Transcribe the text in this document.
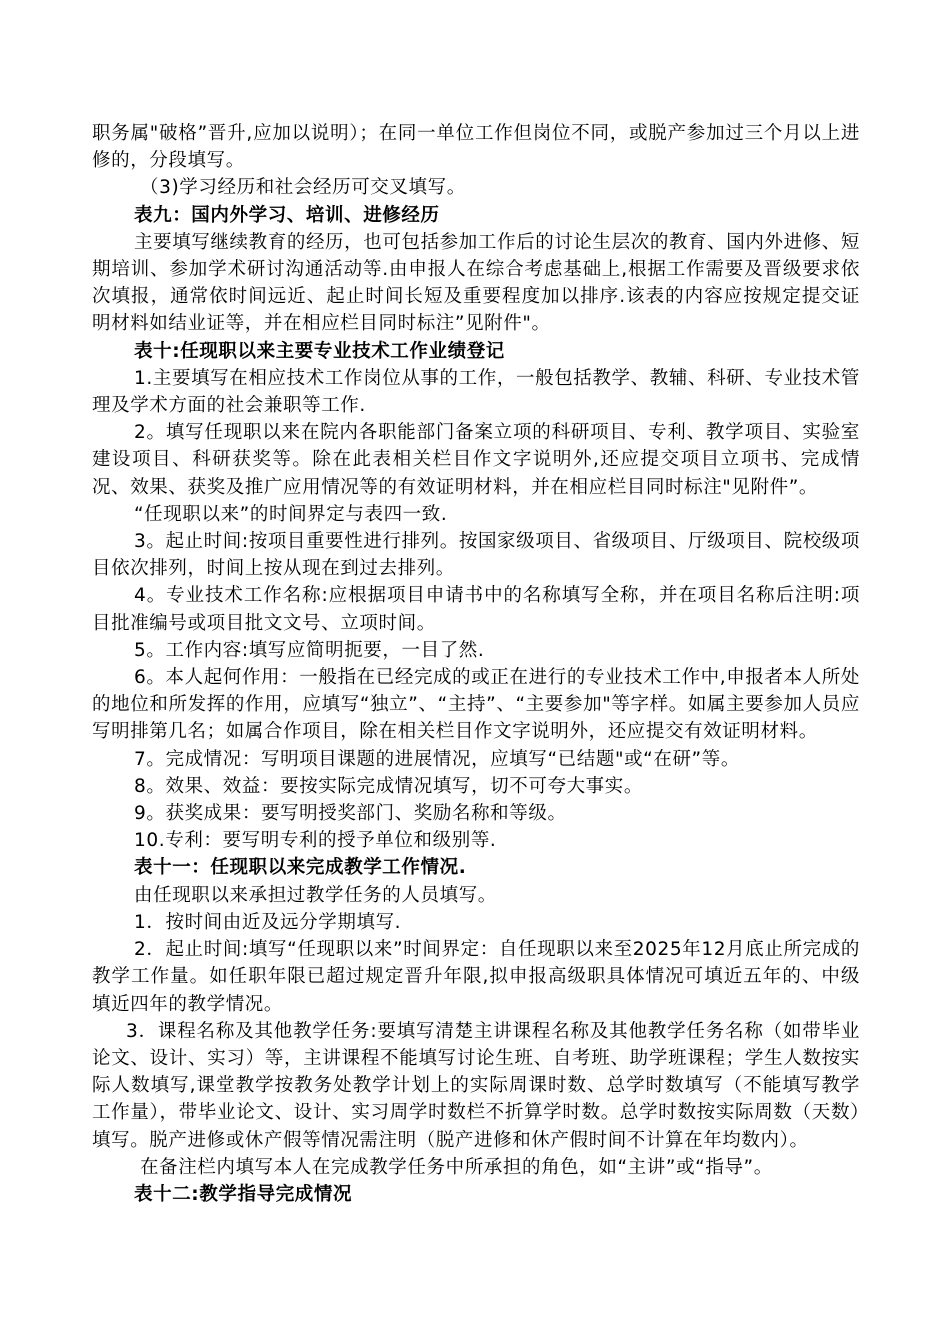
职务属"破格”晋升,应加以说明）；在同一单位工作但岗位不同，或脱产参加过三个月以上进修的，分段填写。

（3)学习经历和社会经历可交叉填写。

表九：国内外学习、培训、进修经历

主要填写继续教育的经历，也可包括参加工作后的讨论生层次的教育、国内外进修、短期培训、参加学术研讨沟通活动等.由申报人在综合考虑基础上,根据工作需要及晋级要求依次填报，通常依时间远近、起止时间长短及重要程度加以排序.该表的内容应按规定提交证明材料如结业证等，并在相应栏目同时标注”见附件"。

表十:任现职以来主要专业技术工作业绩登记

1.主要填写在相应技术工作岗位从事的工作，一般包括教学、教辅、科研、专业技术管理及学术方面的社会兼职等工作.

2。填写任现职以来在院内各职能部门备案立项的科研项目、专利、教学项目、实验室建设项目、科研获奖等。除在此表相关栏目作文字说明外,还应提交项目立项书、完成情况、效果、获奖及推广应用情况等的有效证明材料，并在相应栏目同时标注"见附件”。

“任现职以来”的时间界定与表四一致.

3。起止时间:按项目重要性进行排列。按国家级项目、省级项目、厅级项目、院校级项目依次排列，时间上按从现在到过去排列。

4。专业技术工作名称:应根据项目申请书中的名称填写全称，并在项目名称后注明:项目批准编号或项目批文文号、立项时间。

5。工作内容:填写应简明扼要，一目了然.

6。本人起何作用：一般指在已经完成的或正在进行的专业技术工作中,申报者本人所处的地位和所发挥的作用，应填写“独立”、“主持”、“主要参加"等字样。如属主要参加人员应写明排第几名；如属合作项目，除在相关栏目作文字说明外，还应提交有效证明材料。

7。完成情况：写明项目课题的进展情况，应填写“已结题"或“在研”等。

8。效果、效益：要按实际完成情况填写，切不可夸大事实。

9。获奖成果：要写明授奖部门、奖励名称和等级。

10.专利：要写明专利的授予单位和级别等.

表十一：任现职以来完成教学工作情况.

由任现职以来承担过教学任务的人员填写。

1．按时间由近及远分学期填写.

2．起止时间:填写“任现职以来”时间界定：自任现职以来至2025年12月底止所完成的教学工作量。如任职年限已超过规定晋升年限,拟申报高级职具体情况可填近五年的、中级填近四年的教学情况。

3．课程名称及其他教学任务:要填写清楚主讲课程名称及其他教学任务名称（如带毕业论文、设计、实习）等，主讲课程不能填写讨论生班、自考班、助学班课程；学生人数按实际人数填写,课堂教学按教务处教学计划上的实际周课时数、总学时数填写（不能填写教学工作量），带毕业论文、设计、实习周学时数栏不折算学时数。总学时数按实际周数（天数）填写。脱产进修或休产假等情况需注明（脱产进修和休产假时间不计算在年均数内）。

在备注栏内填写本人在完成教学任务中所承担的角色，如“主讲”或“指导”。

表十二:教学指导完成情况
